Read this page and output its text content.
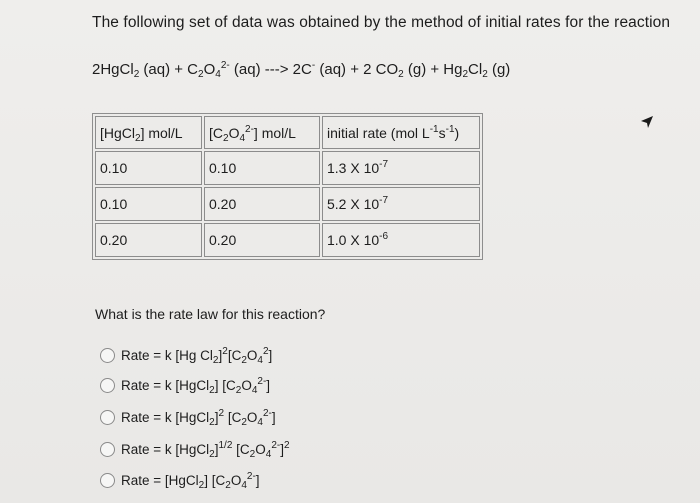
The following set of data was obtained by the method of initial rates for the reaction
2HgCl$_2$ $(aq) + C_2O_4^{2-}$ (aq) ---> 2C- (aq) + 2 $CO_2$ $(g) + Hg_2Cl_2$ (g)
[HgCl$_2$] mol/L	$[C_2O_4^{2-}]$ mol/L	initial rate (mol $L^{-1}s^{-1}$)
0.10	0.10	1.3 X $10^{-7}$
0.10	0.20	5.2 X $10^{-7}$
0.20	0.20	1.0 X $10^{-6}$
What is the rate law for this reaction?
Rate = k [Hg $Cl_2]^2[C_2O_4^2]$
Rate = k [HgCl$_2$] $[C_2O_4^{2-}]$
Rate = k [HgCl$_2$]$^2$ $[C_2O_4^{2-}]$
Rate = k [HgCl$_2$]$^{1/2}$ $[C_2O_4^{2-}]^2$
Rate = [HgCl$_2$] $[C_2O_4^{2-}]$
